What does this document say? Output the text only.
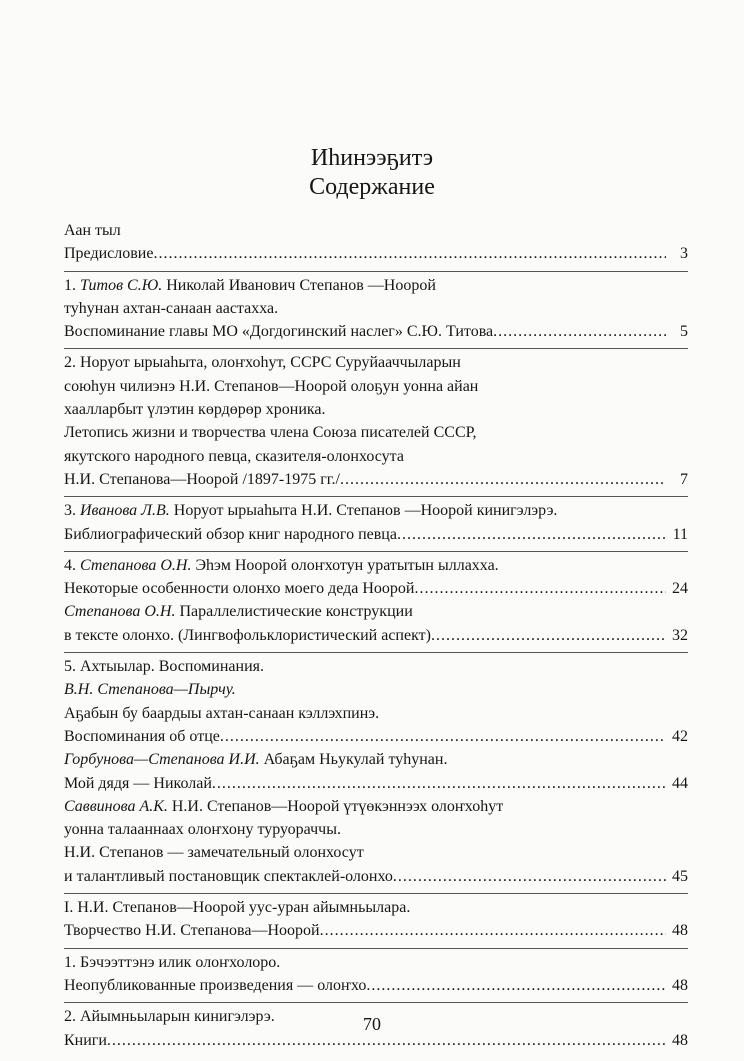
Иhинээҕитэ
Содержание
Аан тыл
Предисловие .....	3
1. Титов С.Ю. Николай Иванович Степанов —Ноорой
туһунан ахтан-санаан аастахха.
Воспоминание главы МО «Догдогинский наслег» С.Ю. Титова .....	5
2. Норуот ырыаһыта, олоҥхоһут, ССРС Суруйааччыларын
союһун чилиэнэ Н.И. Степанов—Ноорой олоҕун уонна айан
хаалларбыт үлэтин көрдөрөр хроника.
Летопись жизни и творчества члена Союза писателей СССР,
якутского народного певца, сказителя-олонхосута
Н.И. Степанова—Ноорой /1897-1975 гг./ .....	7
3. Иванова Л.В. Норуот ырыаһыта Н.И. Степанов —Ноорой кинигэлэрэ.
Библиографический обзор книг народного певца .....	11
4. Степанова О.Н. Эһэм Ноорой олоҥхотун уратытын ыллахха.
Некоторые особенности олонхо моего деда Ноорой .....	24
Степанова О.Н. Параллелистические конструкции
в тексте олонхо. (Лингвофольклористический аспект) .....	32
5. Ахтыылар. Воспоминания.
В.Н. Степанова—Пырчу.
Аҕабын бу баардыы ахтан-санаан кэллэхпинэ.
Воспоминания об отце .....	42
Горбунова—Степанова И.И. Абаҕам Ньукулай туһунан.
Мой дядя — Николай .....	44
Саввинова А.К. Н.И. Степанов—Ноорой үтүөкэннээх олоҥхоһут
уонна талааннаах олоҥхону туруораччы.
Н.И. Степанов — замечательный олонхосут
и талантливый постановщик спектаклей-олонхо .....	45
I. Н.И. Степанов—Ноорой уус-уран айымньылара.
Творчество Н.И. Степанова—Ноорой .....	48
1. Бэчээттэнэ илик олоҥхолоро.
Неопубликованные произведения — олоҥхо .....	48
2. Айымньыларын кинигэлэрэ.
Книги .....	48
70
